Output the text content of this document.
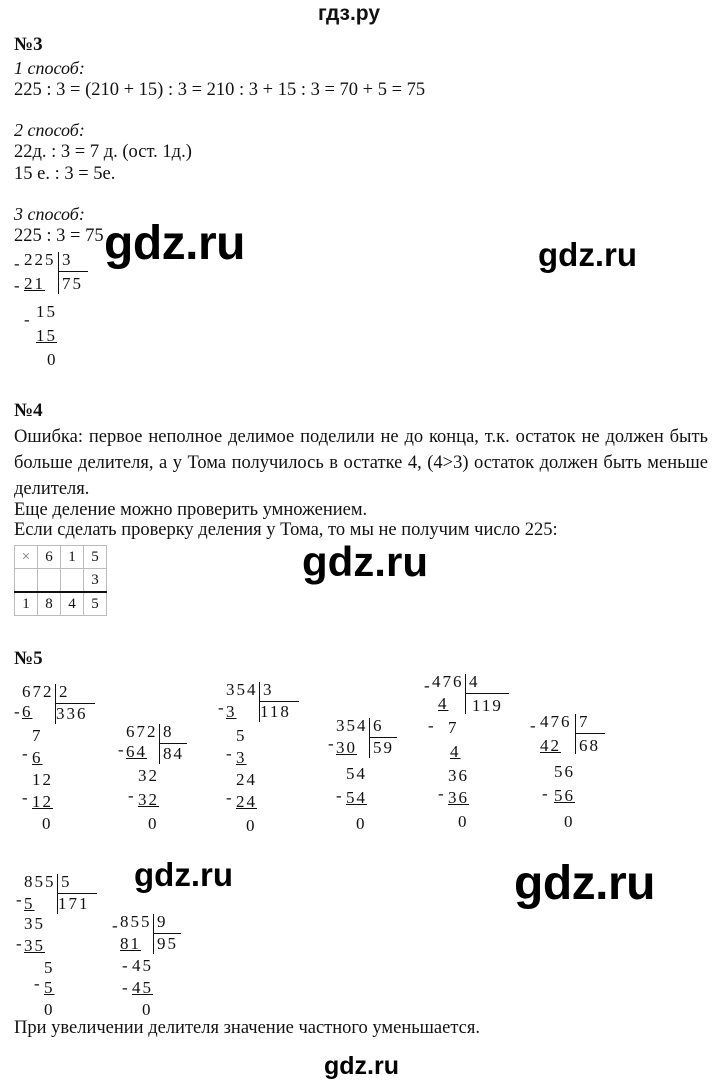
гдз.ру
№3
1 способ:
225 : 3 = (210 + 15) : 3 = 210 : 3 + 15 : 3 = 70 + 5 = 75
2 способ:
22д. : 3 = 7 д. (ост. 1д.)
15 е. : 3 = 5е.
3 способ:
225 : 3 = 75
- 225 3
75
- 21
- 15
15
0
gdz.ru	gdz.ru
№4
Ошибка: первое неполное делимое поделили не до конца, т.к. остаток не должен быть больше делителя, а у Тома получилось в остатке 4, (4>3) остаток должен быть меньше делителя.
Еще деление можно проверить умножением.
Если сделать проверку деления у Тома, то мы не получим число 225:
×	6	1	5
			3
1	8	4	5
gdz.ru
№5
672 2
336
- 6
7
- 6
12
- 12
0
672 8
84
- 64
32
- 32
0
354 3
118
- 3
5
- 3
24
- 24
0
354 6
59
- 30
54
- 54
0
- 476 4
119
4
- 7
4
36
- 36
0
- 476 7
68
42
56
- 56
0
855 5
171
- 5
35
- 35
5
- 5
0
- 855 9
95
81
- 45
- 45
0
При увеличении делителя значение частного уменьшается.
gdz.ru	gdz.ru
gdz.ru
